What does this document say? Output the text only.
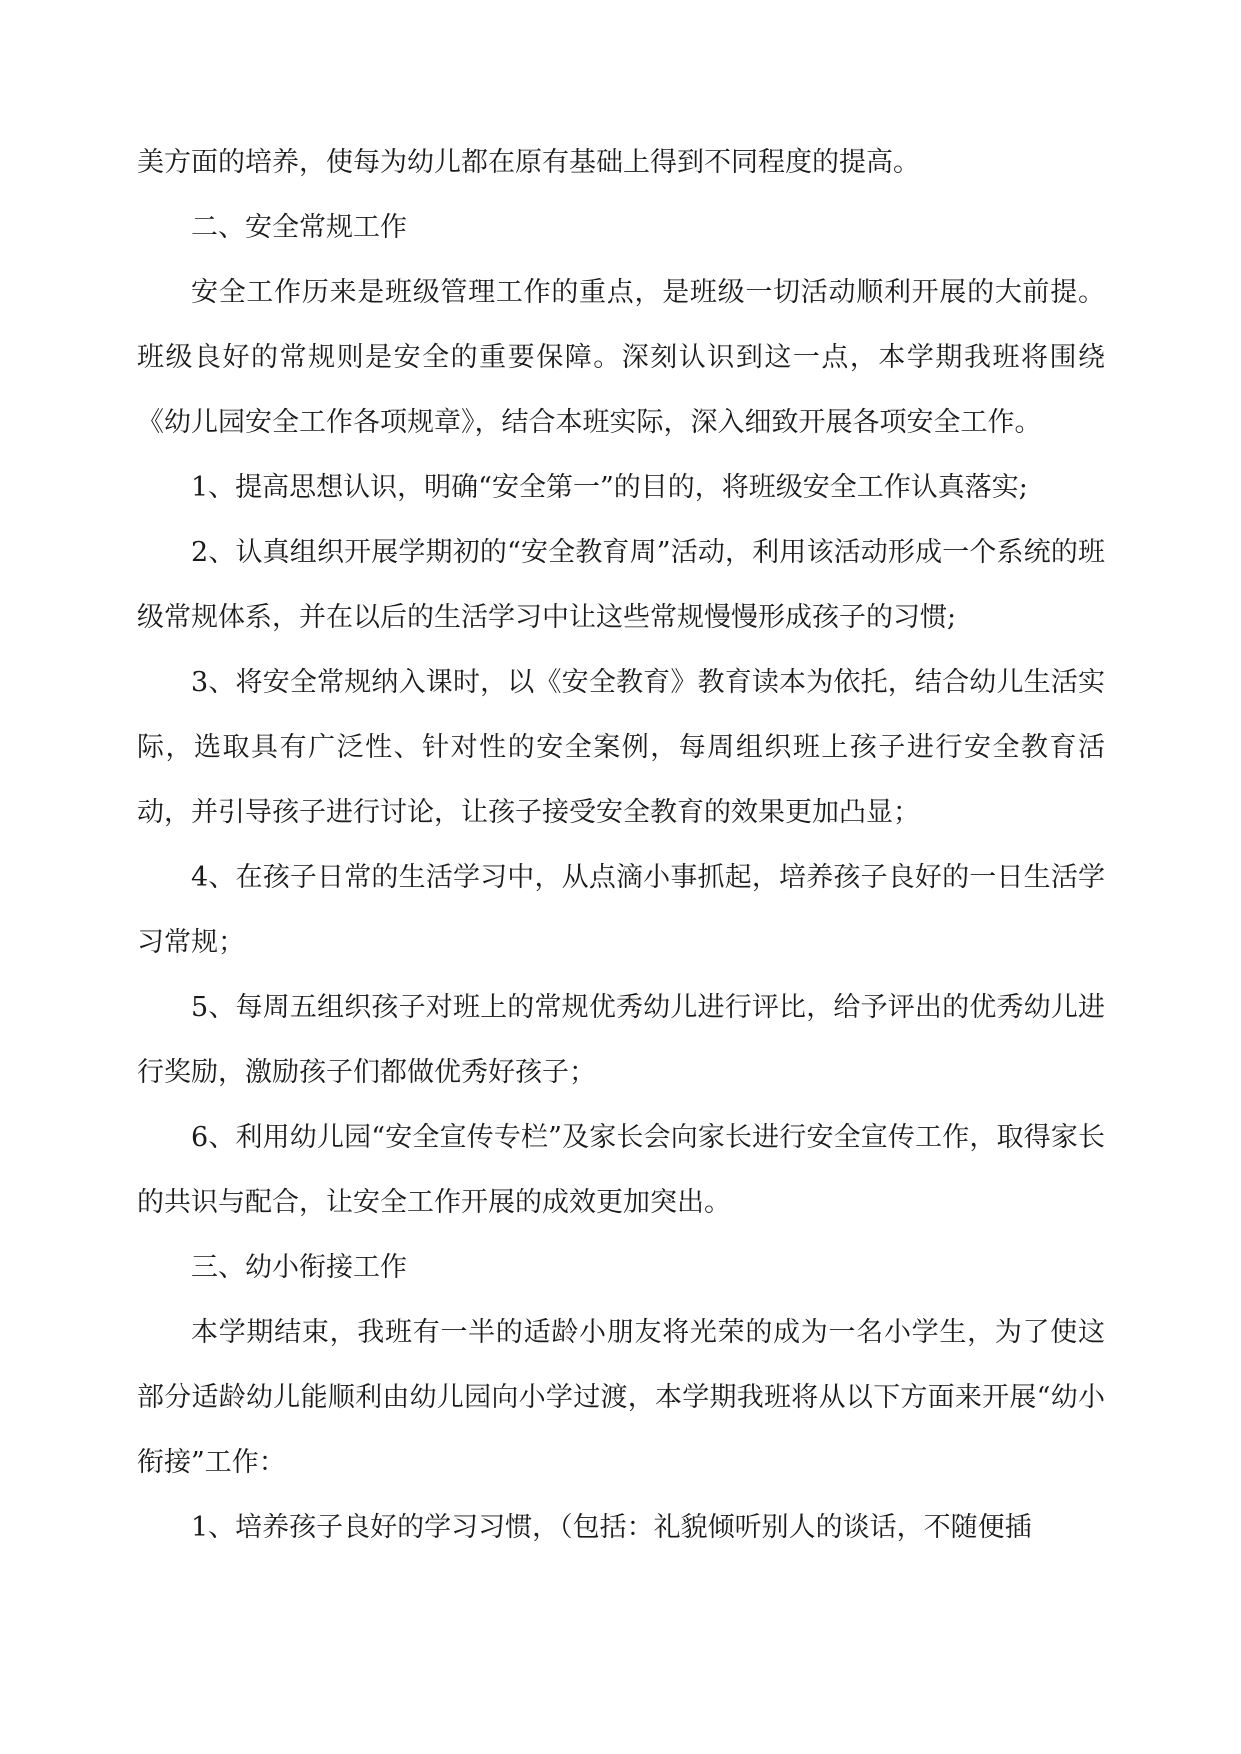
美方面的培养，使每为幼儿都在原有基础上得到不同程度的提高。

二、安全常规工作

安全工作历来是班级管理工作的重点，是班级一切活动顺利开展的大前提。班级良好的常规则是安全的重要保障。深刻认识到这一点，本学期我班将围绕《幼儿园安全工作各项规章》，结合本班实际，深入细致开展各项安全工作。

1、提高思想认识，明确“安全第一”的目的，将班级安全工作认真落实;

2、认真组织开展学期初的“安全教育周”活动，利用该活动形成一个系统的班级常规体系，并在以后的生活学习中让这些常规慢慢形成孩子的习惯;

3、将安全常规纳入课时，以《安全教育》教育读本为依托，结合幼儿生活实际，选取具有广泛性、针对性的安全案例，每周组织班上孩子进行安全教育活动，并引导孩子进行讨论，让孩子接受安全教育的效果更加凸显；

4、在孩子日常的生活学习中，从点滴小事抓起，培养孩子良好的一日生活学习常规；

5、每周五组织孩子对班上的常规优秀幼儿进行评比，给予评出的优秀幼儿进行奖励，激励孩子们都做优秀好孩子；

6、利用幼儿园“安全宣传专栏”及家长会向家长进行安全宣传工作，取得家长的共识与配合，让安全工作开展的成效更加突出。

三、幼小衔接工作

本学期结束，我班有一半的适龄小朋友将光荣的成为一名小学生，为了使这部分适龄幼儿能顺利由幼儿园向小学过渡，本学期我班将从以下方面来开展“幼小衔接”工作：

1、培养孩子良好的学习习惯，（包括：礼貌倾听别人的谈话，不随便插
